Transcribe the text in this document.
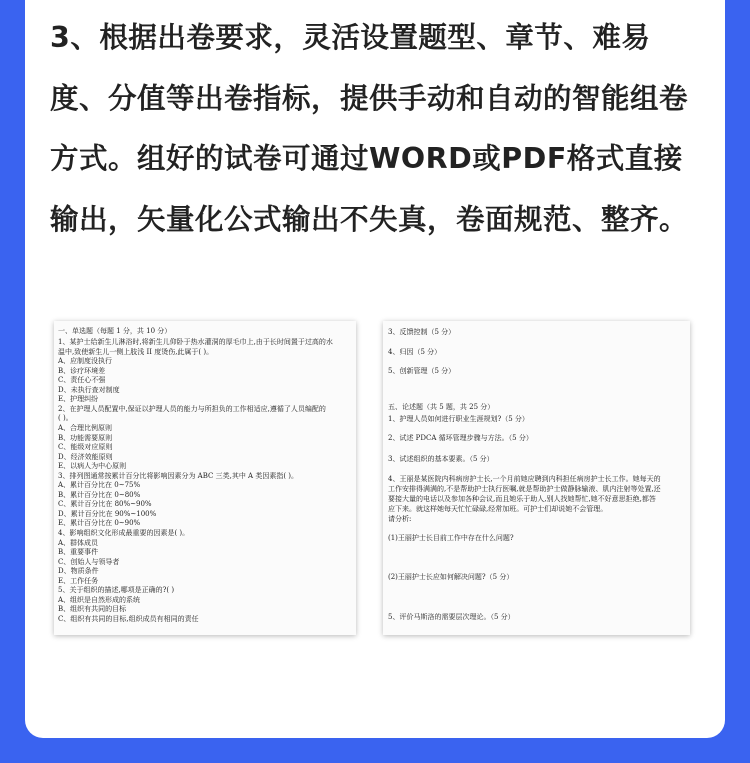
3、根据出卷要求，灵活设置题型、章节、难易度、分值等出卷指标，提供手动和自动的智能组卷方式。组好的试卷可通过WORD或PDF格式直接输出，矢量化公式输出不失真，卷面规范、整齐。

一、单选题（每题 1 分，共 10 分）
1、某护士给新生儿淋浴时,将新生儿仰卧于热水灌洞的厚毛巾上,由于长时间置于过高的水
温中,致使新生儿一侧上肢浅 II 度烫伤,此属于( )。
A、应制度没执行
B、诊疗环境差
C、责任心不强
D、未执行查对制度
E、护理纠纷
2、在护理人员配置中,保证以护理人员的能力与所担负的工作相适应,遵循了人员编配的
( )。
A、合理比例原则
B、功能需要原则
C、能级对应原则
D、经济效能原则
E、以病人为中心原则
3、排列图通常按累计百分比将影响因素分为 ABC 三类,其中 A 类因素指( )。
A、累计百分比在 0~75%
B、累计百分比在 0~80%
C、累计百分比在 80%~90%
D、累计百分比在 90%~100%
E、累计百分比在 0~90%
4、影响组织文化形成最重要的因素是( )。
A、群体成员
B、重要事件
C、创始人与领导者
D、物质条件
E、工作任务
5、关于组织的描述,哪项是正确的?( )
A、组织是自然形成的系统
B、组织有共同的目标
C、组织有共同的目标,组织成员有相同的责任
3、反馈控制（5 分）
4、归因（5 分）
5、创新管理（5 分）
五、论述题（共 5 题，共 25 分）
1、护理人员如何进行职业生涯规划?（5 分）
2、试述 PDCA 循环管理步骤与方法。（5 分）
3、试述组织的基本要素。（5 分）
4、王丽是某医院内科病房护士长,一个月前她应聘到内科担任病房护士长工作。她每天的
工作安排得满满的,不是帮助护士执行医嘱,就是帮助护士做静脉输液、肌内注射等处置,还
要接大量的电话以及参加各种会议,而且她乐于助人,别人找她帮忙,她不好意思拒绝,都答
应下来。就这样她每天忙忙碌碌,经常加班。可护士们却说她不会管理。
请分析:
(1)王丽护士长目前工作中存在什么问题?
(2)王丽护士长应如何解决问题?（5 分）
5、评价马斯洛的需要层次理论。（5 分）
